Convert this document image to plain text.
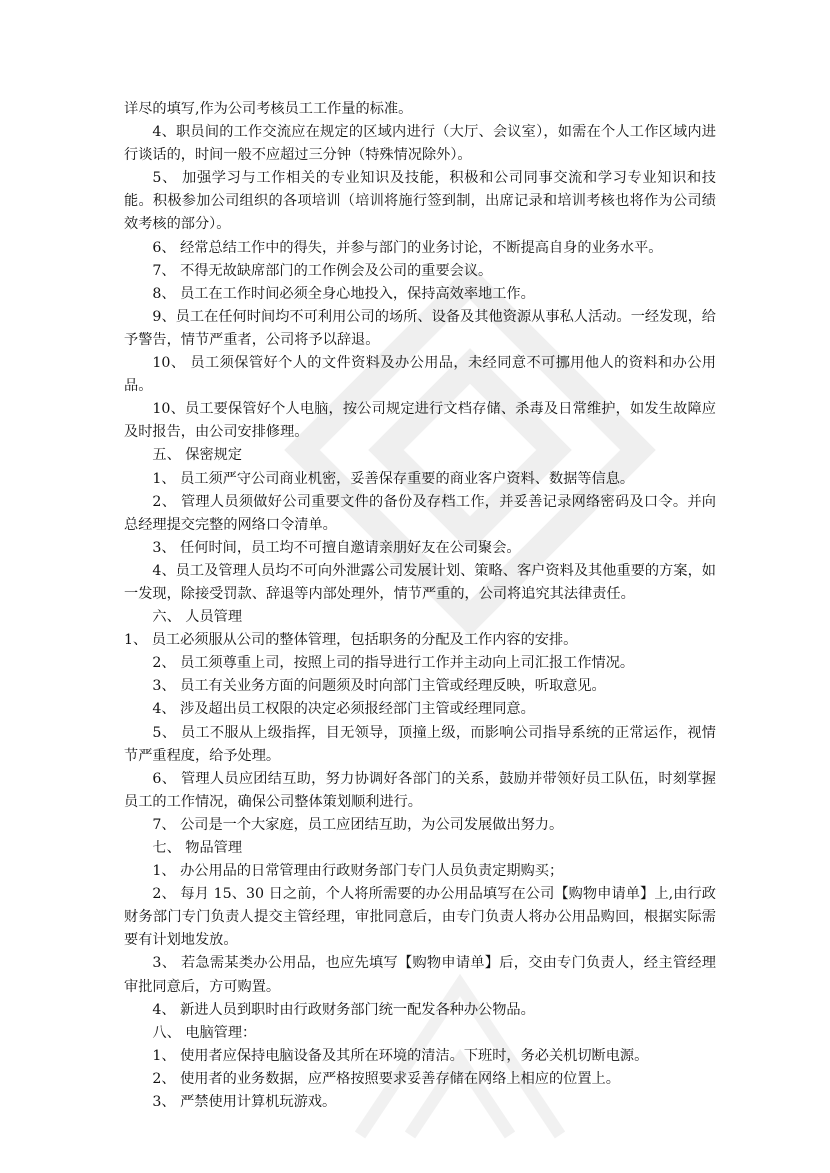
详尽的填写,作为公司考核员工工作量的标准。

4、职员间的工作交流应在规定的区域内进行（大厅、会议室），如需在个人工作区域内进行谈话的，时间一般不应超过三分钟（特殊情况除外）。

5、 加强学习与工作相关的专业知识及技能，积极和公司同事交流和学习专业知识和技能。积极参加公司组织的各项培训（培训将施行签到制，出席记录和培训考核也将作为公司绩效考核的部分）。

6、 经常总结工作中的得失，并参与部门的业务讨论，不断提高自身的业务水平。

7、 不得无故缺席部门的工作例会及公司的重要会议。

8、 员工在工作时间必须全身心地投入，保持高效率地工作。

9、员工在任何时间均不可利用公司的场所、设备及其他资源从事私人活动。一经发现，给予警告，情节严重者，公司将予以辞退。

10、 员工须保管好个人的文件资料及办公用品，未经同意不可挪用他人的资料和办公用品。

10、员工要保管好个人电脑，按公司规定进行文档存储、杀毒及日常维护，如发生故障应及时报告，由公司安排修理。

五、 保密规定

1、 员工须严守公司商业机密，妥善保存重要的商业客户资料、数据等信息。

2、 管理人员须做好公司重要文件的备份及存档工作，并妥善记录网络密码及口令。并向总经理提交完整的网络口令清单。

3、 任何时间，员工均不可擅自邀请亲朋好友在公司聚会。

4、员工及管理人员均不可向外泄露公司发展计划、策略、客户资料及其他重要的方案，如一发现，除接受罚款、辞退等内部处理外，情节严重的，公司将追究其法律责任。

六、 人员管理

1、 员工必须服从公司的整体管理，包括职务的分配及工作内容的安排。

2、 员工须尊重上司，按照上司的指导进行工作并主动向上司汇报工作情况。

3、 员工有关业务方面的问题须及时向部门主管或经理反映，听取意见。

4、 涉及超出员工权限的决定必须报经部门主管或经理同意。

5、 员工不服从上级指挥，目无领导，顶撞上级，而影响公司指导系统的正常运作，视情节严重程度，给予处理。

6、 管理人员应团结互助，努力协调好各部门的关系，鼓励并带领好员工队伍，时刻掌握员工的工作情况，确保公司整体策划顺利进行。

7、 公司是一个大家庭，员工应团结互助，为公司发展做出努力。

七、 物品管理

1、 办公用品的日常管理由行政财务部门专门人员负责定期购买；

2、 每月 15、30 日之前，个人将所需要的办公用品填写在公司【购物申请单】上,由行政财务部门专门负责人提交主管经理，审批同意后，由专门负责人将办公用品购回，根据实际需要有计划地发放。

3、 若急需某类办公用品，也应先填写【购物申请单】后，交由专门负责人，经主管经理审批同意后，方可购置。

4、 新进人员到职时由行政财务部门统一配发各种办公物品。

八、 电脑管理：

1、 使用者应保持电脑设备及其所在环境的清洁。下班时，务必关机切断电源。

2、 使用者的业务数据，应严格按照要求妥善存储在网络上相应的位置上。

3、 严禁使用计算机玩游戏。
